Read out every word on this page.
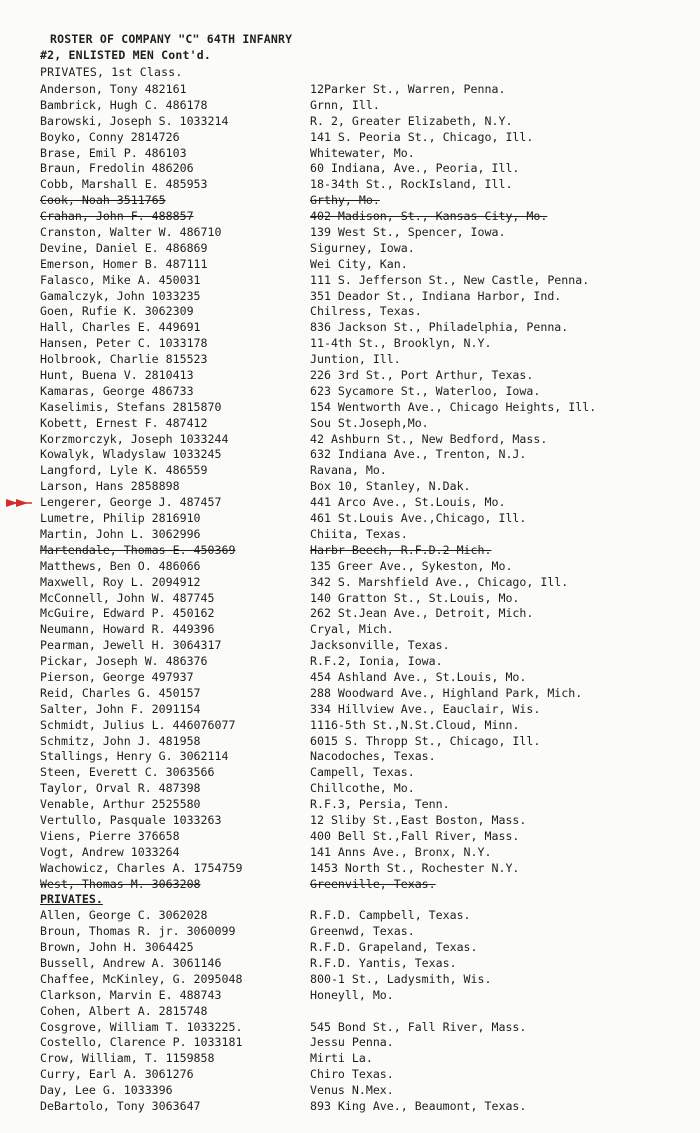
ROSTER OF COMPANY "C" 64TH INFANRY
#2, ENLISTED MEN Cont'd.
PRIVATES, 1st Class.
Anderson, Tony 482161	12Parker St., Warren, Penna.
Bambrick, Hugh C. 486178	Grnn, Ill.
Barowski, Joseph S. 1033214	R. 2, Greater Elizabeth, N.Y.
Boyko, Conny 2814726	141 S. Peoria St., Chicago, Ill.
Brase, Emil P. 486103	Whitewater, Mo.
Braun, Fredolin 486206	60 Indiana, Ave., Peoria, Ill.
Cobb, Marshall E. 485953	18-34th St., RockIsland, Ill.
Cook, Noah 3511765	Grthy, Mo.
Crahan, John F. 488857	402 Madison, St., Kansas City, Mo.
Cranston, Walter W. 486710	139 West St., Spencer, Iowa.
Devine, Daniel E. 486869	Sigurney, Iowa.
Emerson, Homer B. 487111	Wei City, Kan.
Falasco, Mike A. 450031	111 S. Jefferson St., New Castle, Penna.
Gamalczyk, John 1033235	351 Deador St., Indiana Harbor, Ind.
Goen, Rufie K. 3062309	Chilress, Texas.
Hall, Charles E. 449691	836 Jackson St., Philadelphia, Penna.
Hansen, Peter C. 1033178	11-4th St., Brooklyn, N.Y.
Holbrook, Charlie 815523	Juntion, Ill.
Hunt, Buena V. 2810413	226 3rd St., Port Arthur, Texas.
Kamaras, George 486733	623 Sycamore St., Waterloo, Iowa.
Kaselimis, Stefans 2815870	154 Wentworth Ave., Chicago Heights, Ill.
Kobett, Ernest F. 487412	Sou St.Joseph,Mo.
Korzmorczyk, Joseph 1033244	42 Ashburn St., New Bedford, Mass.
Kowalyk, Wladyslaw 1033245	632 Indiana Ave., Trenton, N.J.
Langford, Lyle K. 486559	Ravana, Mo.
Larson, Hans 2858898	Box 10, Stanley, N.Dak.
Lengerer, George J. 487457	441 Arco Ave., St.Louis, Mo.
Lumetre, Philip 2816910	461 St.Louis Ave.,Chicago, Ill.
Martin, John L. 3062996	Chiita, Texas.
Martendale, Thomas E. 450369	Harbr Beech, R.F.D.2 Mich.
Matthews, Ben O. 486066	135 Greer Ave., Sykeston, Mo.
Maxwell, Roy L. 2094912	342 S. Marshfield Ave., Chicago, Ill.
McConnell, John W. 487745	140 Gratton St., St.Louis, Mo.
McGuire, Edward P. 450162	262 St.Jean Ave., Detroit, Mich.
Neumann, Howard R. 449396	Cryal, Mich.
Pearman, Jewell H. 3064317	Jacksonville, Texas.
Pickar, Joseph W. 486376	R.F.2, Ionia, Iowa.
Pierson, George 497937	454 Ashland Ave., St.Louis, Mo.
Reid, Charles G. 450157	288 Woodward Ave., Highland Park, Mich.
Salter, John F. 2091154	334 Hillview Ave., Eauclair, Wis.
Schmidt, Julius L. 446076077	1116-5th St.,N.St.Cloud, Minn.
Schmitz, John J. 481958	6015 S. Thropp St., Chicago, Ill.
Stallings, Henry G. 3062114	Nacodoches, Texas.
Steen, Everett C. 3063566	Campell, Texas.
Taylor, Orval R. 487398	Chillcothe, Mo.
Venable, Arthur 2525580	R.F.3, Persia, Tenn.
Vertullo, Pasquale 1033263	12 Sliby St.,East Boston, Mass.
Viens, Pierre 376658	400 Bell St.,Fall River, Mass.
Vogt, Andrew 1033264	141 Anns Ave., Bronx, N.Y.
Wachowicz, Charles A. 1754759	1453 North St., Rochester N.Y.
West, Thomas M. 3063208	Greenville, Texas.
PRIVATES.
Allen, George C. 3062028	R.F.D. Campbell, Texas.
Broun, Thomas R. jr. 3060099	Greenwd, Texas.
Brown, John H. 3064425	R.F.D. Grapeland, Texas.
Bussell, Andrew A. 3061146	R.F.D. Yantis, Texas.
Chaffee, McKinley, G. 2095048	800-1 St., Ladysmith, Wis.
Clarkson, Marvin E. 488743	Honeyll, Mo.
Cohen, Albert A. 2815748
Cosgrove, William T. 1033225.	545 Bond St., Fall River, Mass.
Costello, Clarence P. 1033181	Jessu Penna.
Crow, William, T. 1159858	Mirti La.
Curry, Earl A. 3061276	Chiro Texas.
Day, Lee G. 1033396	Venus N.Mex.
DeBartolo, Tony 3063647	893 King Ave., Beaumont, Texas.
